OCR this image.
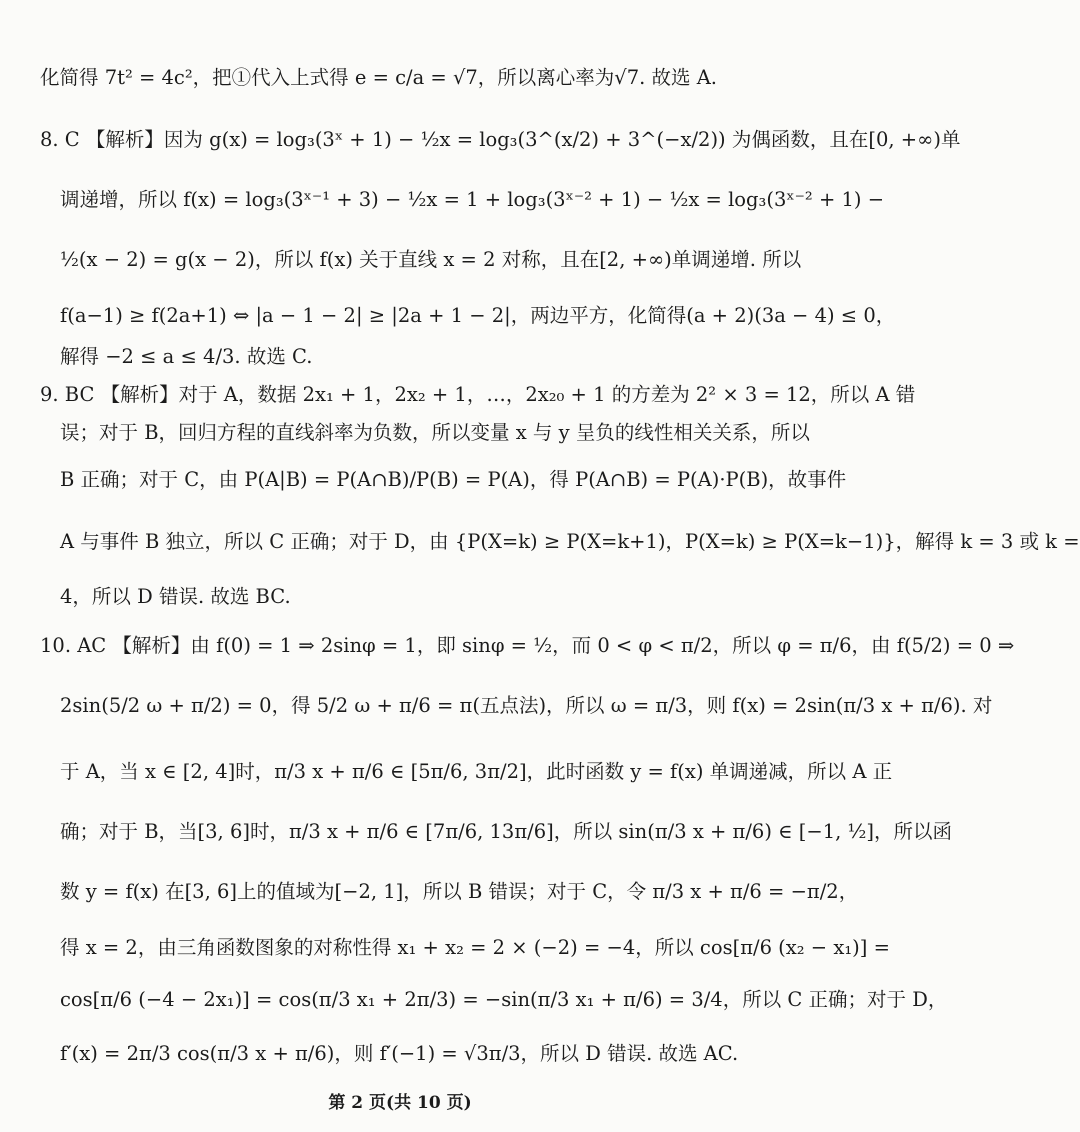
化简得 7t² = 4c²，把①代入上式得 e = c/a = √7，所以离心率为√7. 故选 A.
8. C 【解析】因为 g(x) = log₃(3ˣ + 1) − ½x = log₃(3^(x/2) + 3^(−x/2)) 为偶函数，且在[0, +∞)单
调递增，所以 f(x) = log₃(3ˣ⁻¹ + 3) − ½x = 1 + log₃(3ˣ⁻² + 1) − ½x = log₃(3ˣ⁻² + 1) −
½(x − 2) = g(x − 2)，所以 f(x) 关于直线 x = 2 对称，且在[2, +∞)单调递增. 所以
f(a−1) ≥ f(2a+1) ⇔ |a − 1 − 2| ≥ |2a + 1 − 2|，两边平方，化简得(a + 2)(3a − 4) ≤ 0，
解得 −2 ≤ a ≤ 4/3. 故选 C.
9. BC 【解析】对于 A，数据 2x₁ + 1，2x₂ + 1，…，2x₂₀ + 1 的方差为 2² × 3 = 12，所以 A 错
误；对于 B，回归方程的直线斜率为负数，所以变量 x 与 y 呈负的线性相关关系，所以
B 正确；对于 C，由 P(A|B) = P(A∩B)/P(B) = P(A)，得 P(A∩B) = P(A)·P(B)，故事件
A 与事件 B 独立，所以 C 正确；对于 D，由 {P(X=k) ≥ P(X=k+1)，P(X=k) ≥ P(X=k−1)}，解得 k = 3 或 k =
4，所以 D 错误. 故选 BC.
10. AC 【解析】由 f(0) = 1 ⇒ 2sinφ = 1，即 sinφ = ½，而 0 < φ < π/2，所以 φ = π/6，由 f(5/2) = 0 ⇒
2sin(5/2 ω + π/2) = 0，得 5/2 ω + π/6 = π(五点法)，所以 ω = π/3，则 f(x) = 2sin(π/3 x + π/6). 对
于 A，当 x ∈ [2, 4]时，π/3 x + π/6 ∈ [5π/6, 3π/2]，此时函数 y = f(x) 单调递减，所以 A 正
确；对于 B，当[3, 6]时，π/3 x + π/6 ∈ [7π/6, 13π/6]，所以 sin(π/3 x + π/6) ∈ [−1, ½]，所以函
数 y = f(x) 在[3, 6]上的值域为[−2, 1]，所以 B 错误；对于 C，令 π/3 x + π/6 = −π/2，
得 x = 2，由三角函数图象的对称性得 x₁ + x₂ = 2 × (−2) = −4，所以 cos[π/6 (x₂ − x₁)] =
cos[π/6 (−4 − 2x₁)] = cos(π/3 x₁ + 2π/3) = −sin(π/3 x₁ + π/6) = 3/4，所以 C 正确；对于 D，
f′(x) = 2π/3 cos(π/3 x + π/6)，则 f′(−1) = √3π/3，所以 D 错误. 故选 AC.
第 2 页(共 10 页)
